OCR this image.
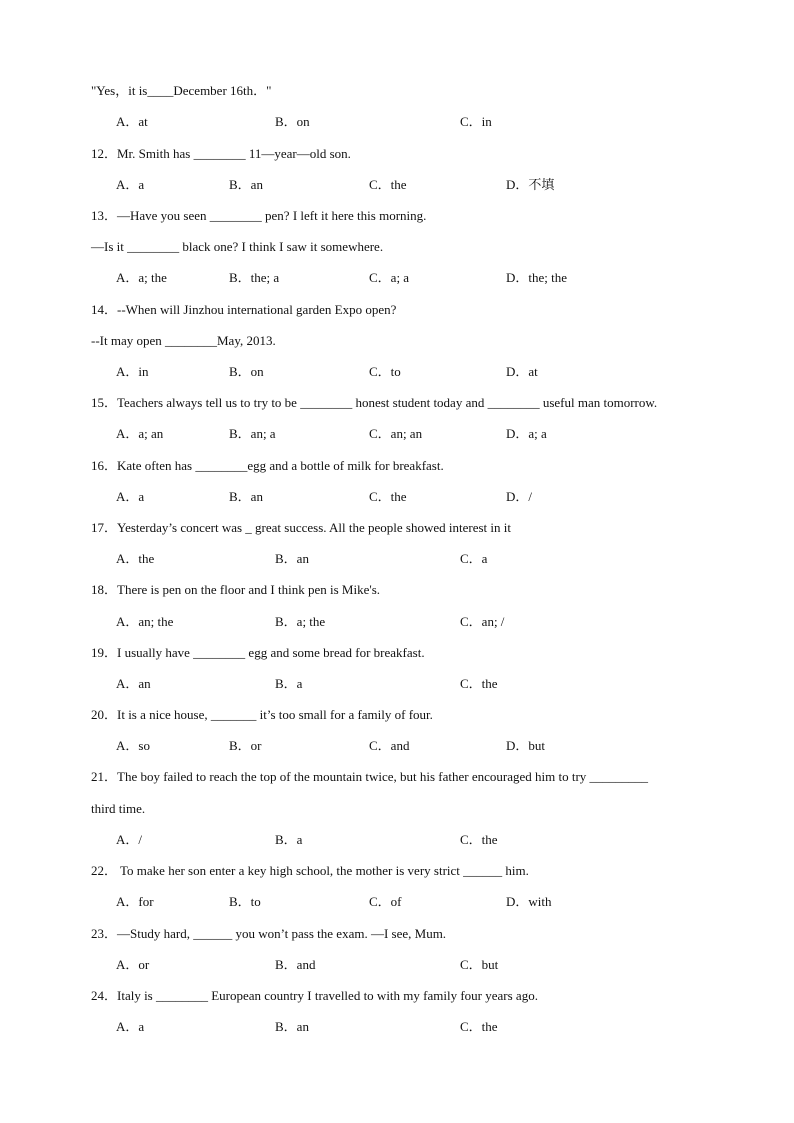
"Yes，it is____December 16th．"
A．at	B．on	C．in
12．Mr. Smith has ________ 11—year—old son.
A．a	B．an	C．the	D．不填
13．—Have you seen ________ pen? I left it here this morning.
—Is it ________ black one? I think I saw it somewhere.
A．a; the	B．the; a	C．a; a	D．the; the
14．--When will Jinzhou international garden Expo open?
--It may open ________May, 2013.
A．in	B．on	C．to	D．at
15．Teachers always tell us to try to be ________ honest student today and ________ useful man tomorrow.
A．a; an	B．an; a	C．an; an	D．a; a
16．Kate often has ________egg and a bottle of milk for breakfast.
A．a	B．an	C．the	D．/
17．Yesterday’s concert was _ great success. All the people showed interest in it
A．the	B．an	C．a
18．There is pen on the floor and I think pen is Mike's.
A．an; the	B．a; the	C．an; /
19．I usually have ________ egg and some bread for breakfast.
A．an	B．a	C．the
20．It is a nice house, _______ it’s too small for a family of four.
A．so	B．or	C．and	D．but
21．The boy failed to reach the top of the mountain twice, but his father encouraged him to try _________
third time.
A．/	B．a	C．the
22． To make her son enter a key high school, the mother is very strict ______ him.
A．for	B．to	C．of	D．with
23．—Study hard, ______ you won’t pass the exam. —I see, Mum.
A．or	B．and	C．but
24．Italy is ________ European country I travelled to with my family four years ago.
A．a	B．an	C．the
